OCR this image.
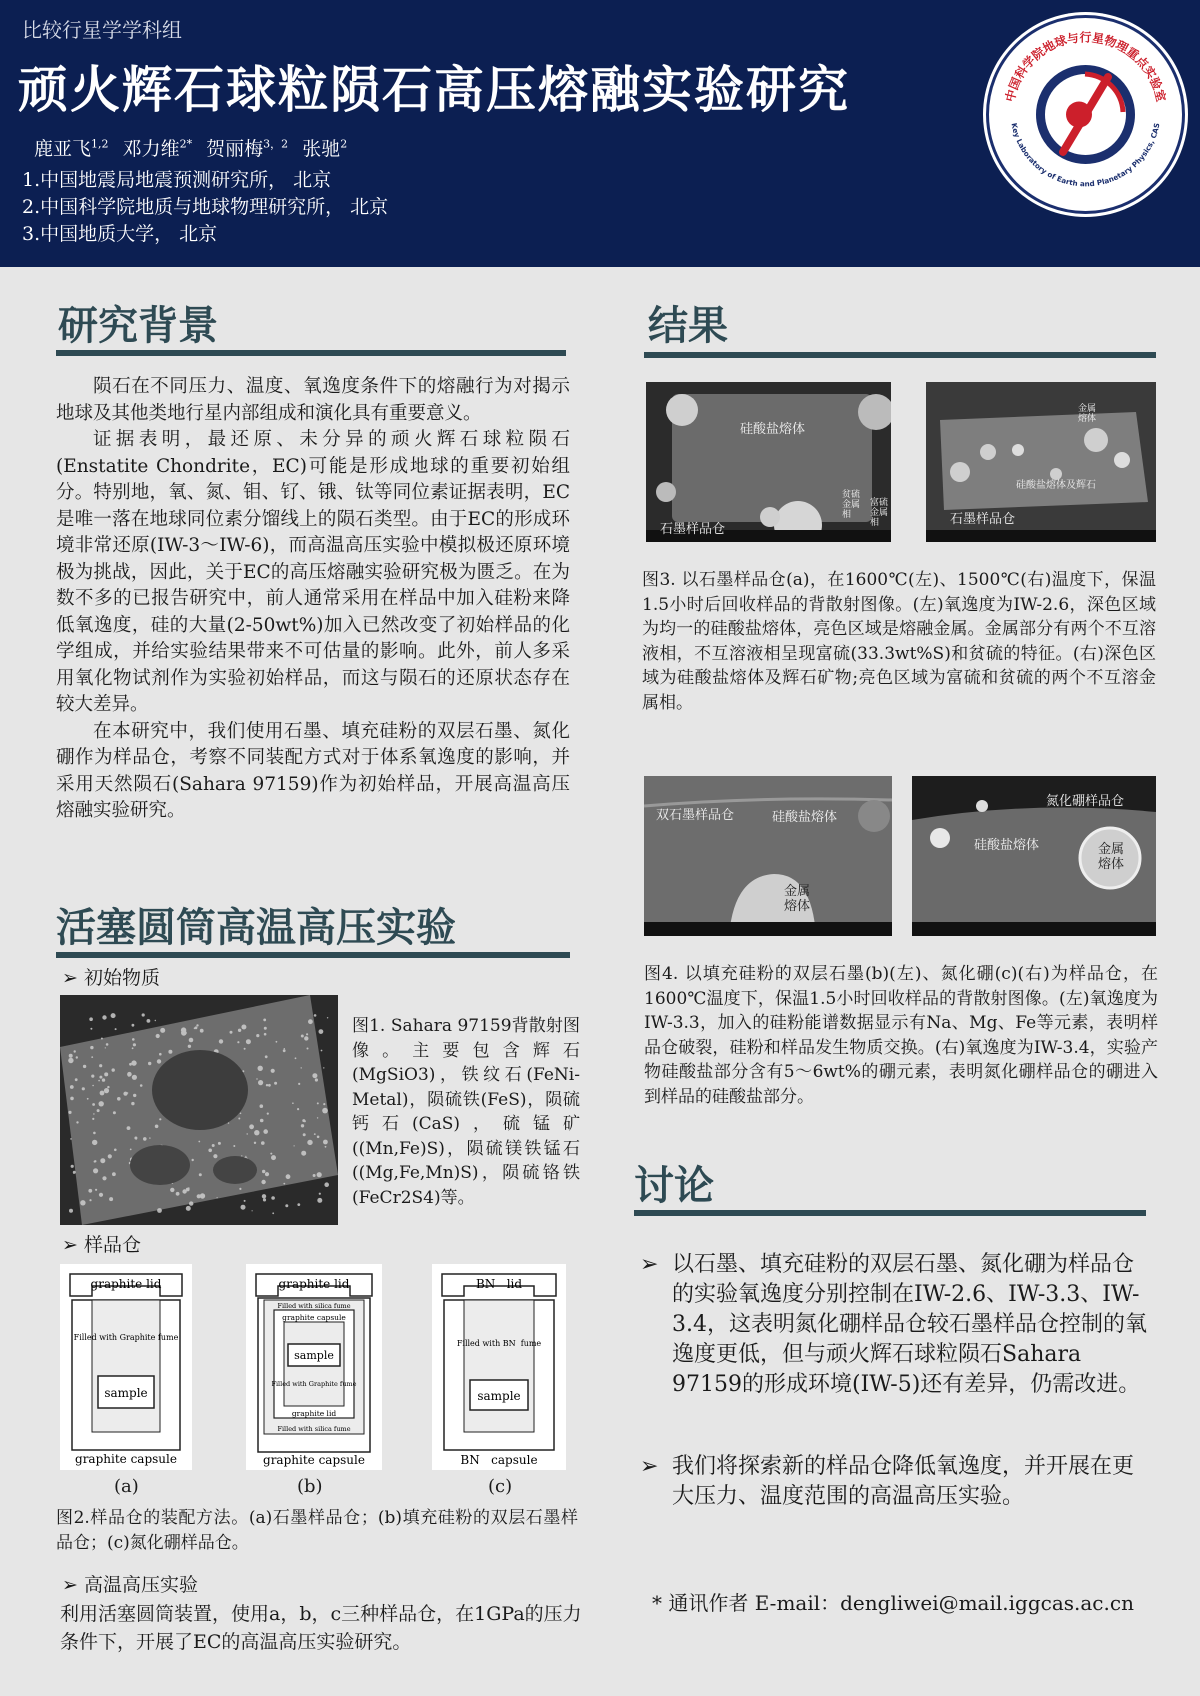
比较行星学学科组
顽火辉石球粒陨石高压熔融实验研究
鹿亚飞$^{1,2}$ 邓力维$^{2*}$ 贺丽梅$^{3,2}$ 张驰$^2$
1.中国地震局地震预测研究所， 北京
2.中国科学院地质与地球物理研究所， 北京
3.中国地质大学， 北京
中国科学院地球与行星物理重点实验室
Key Laboratory of Earth and Planetary Physics, CAS
研究背景

陨石在不同压力、温度、氧逸度条件下的熔融行为对揭示地球及其他类地行星内部组成和演化具有重要意义。

证据表明，最还原、未分异的顽火辉石球粒陨石(Enstatite Chondrite，EC)可能是形成地球的重要初始组分。特别地，氧、氮、钼、钌、锇、钛等同位素证据表明，EC是唯一落在地球同位素分馏线上的陨石类型。由于EC的形成环境非常还原(IW-3～IW-6)，而高温高压实验中模拟极还原环境极为挑战，因此，关于EC的高压熔融实验研究极为匮乏。在为数不多的已报告研究中，前人通常采用在样品中加入硅粉来降低氧逸度，硅的大量(2-50wt%)加入已然改变了初始样品的化学组成，并给实验结果带来不可估量的影响。此外，前人多采用氧化物试剂作为实验初始样品，而这与陨石的还原状态存在较大差异。

在本研究中，我们使用石墨、填充硅粉的双层石墨、氮化硼作为样品仓，考察不同装配方式对于体系氧逸度的影响，并采用天然陨石(Sahara 97159)作为初始样品，开展高温高压熔融实验研究。

活塞圆筒高温高压实验
➢ 初始物质
图1. Sahara 97159背散射图像。主要包含辉石(MgSiO3)，铁纹石(FeNi-Metal)，陨硫铁(FeS)，陨硫钙石(CaS)，硫锰矿((Mn,Fe)S)，陨硫镁铁锰石((Mg,Fe,Mn)S)，陨硫铬铁(FeCr2S4)等。
➢ 样品仓
graphite lid
Filled with Graphite fume
sample
graphite capsule
graphite lid
Filled with silica fume
graphite capsule
sample
Filled with Graphite fume
graphite lid
Filled with silica fume
graphite capsule
BN   lid
Filled with BN  fume
sample
BN   capsule
(a)	(b)	(c)
图2.样品仓的装配方法。(a)石墨样品仓；(b)填充硅粉的双层石墨样品仓；(c)氮化硼样品仓。
➢ 高温高压实验
利用活塞圆筒装置，使用a，b，c三种样品仓，在1GPa的压力条件下，开展了EC的高温高压实验研究。
结果
硅酸盐熔体
贫硫金属相
富硫金属相
石墨样品仓
金属熔体
硅酸盐熔体及辉石
石墨样品仓
图3. 以石墨样品仓(a)，在1600℃(左)、1500℃(右)温度下，保温1.5小时后回收样品的背散射图像。(左)氧逸度为IW-2.6，深色区域为均一的硅酸盐熔体，亮色区域是熔融金属。金属部分有两个不互溶液相，不互溶液相呈现富硫(33.3wt%S)和贫硫的特征。(右)深色区域为硅酸盐熔体及辉石矿物;亮色区域为富硫和贫硫的两个不互溶金属相。
双石墨样品仓	硅酸盐熔体
金属熔体
氮化硼样品仓
硅酸盐熔体	金属熔体
图4. 以填充硅粉的双层石墨(b)(左)、氮化硼(c)(右)为样品仓，在1600℃温度下，保温1.5小时回收样品的背散射图像。(左)氧逸度为IW-3.3，加入的硅粉能谱数据显示有Na、Mg、Fe等元素，表明样品仓破裂，硅粉和样品发生物质交换。(右)氧逸度为IW-3.4，实验产物硅酸盐部分含有5～6wt%的硼元素，表明氮化硼样品仓的硼进入到样品的硅酸盐部分。
讨论
➢ 以石墨、填充硅粉的双层石墨、氮化硼为样品仓的实验氧逸度分别控制在IW-2.6、IW-3.3、IW-3.4，这表明氮化硼样品仓较石墨样品仓控制的氧逸度更低，但与顽火辉石球粒陨石Sahara 97159的形成环境(IW-5)还有差异，仍需改进。
➢ 我们将探索新的样品仓降低氧逸度，并开展在更大压力、温度范围的高温高压实验。
* 通讯作者 E-mail：dengliwei@mail.iggcas.ac.cn
